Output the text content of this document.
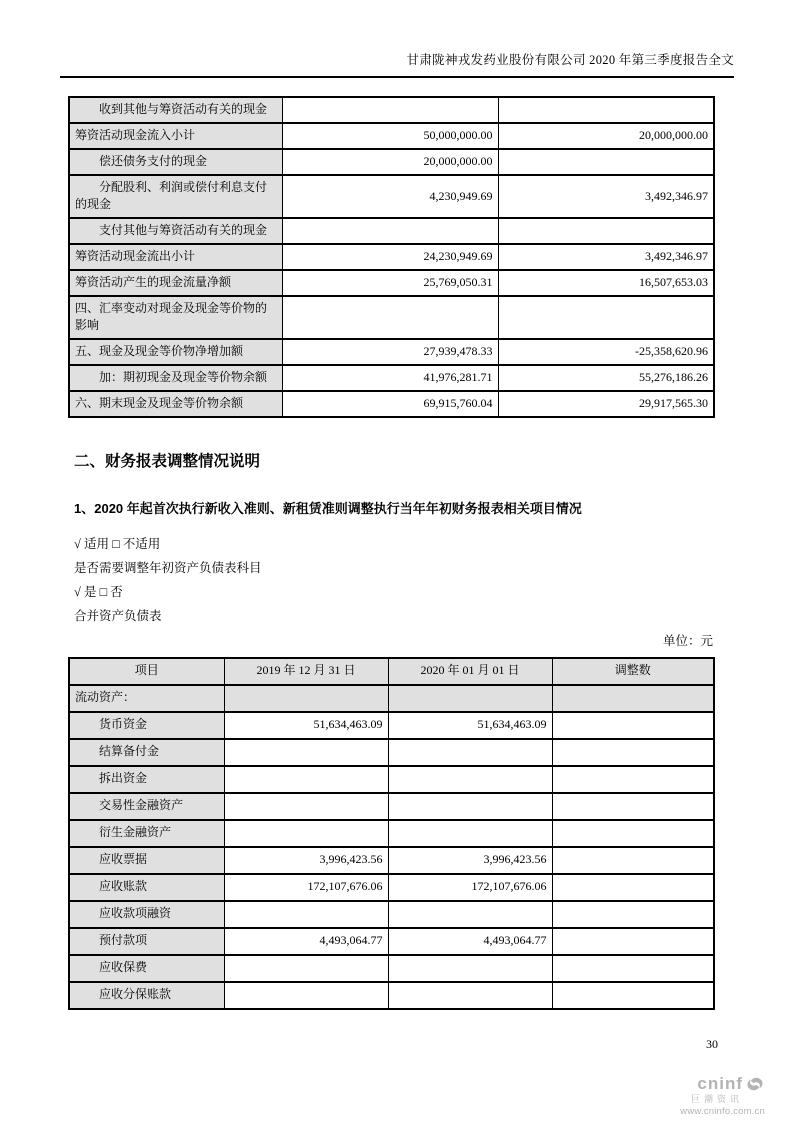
甘肃陇神戎发药业股份有限公司 2020 年第三季度报告全文
收到其他与筹资活动有关的现金		
筹资活动现金流入小计	50,000,000.00	20,000,000.00
偿还债务支付的现金	20,000,000.00	
分配股利、利润或偿付利息支付的现金	4,230,949.69	3,492,346.97
支付其他与筹资活动有关的现金		
筹资活动现金流出小计	24,230,949.69	3,492,346.97
筹资活动产生的现金流量净额	25,769,050.31	16,507,653.03
四、汇率变动对现金及现金等价物的影响		
五、现金及现金等价物净增加额	27,939,478.33	-25,358,620.96
加：期初现金及现金等价物余额	41,976,281.71	55,276,186.26
六、期末现金及现金等价物余额	69,915,760.04	29,917,565.30
二、财务报表调整情况说明
1、2020 年起首次执行新收入准则、新租赁准则调整执行当年年初财务报表相关项目情况

√ 适用 □ 不适用

是否需要调整年初资产负债表科目

√ 是 □ 否

合并资产负债表

单位：元
项目	2019 年 12 月 31 日	2020 年 01 月 01 日	调整数
流动资产：			
货币资金	51,634,463.09	51,634,463.09	
结算备付金			
拆出资金			
交易性金融资产			
衍生金融资产			
应收票据	3,996,423.56	3,996,423.56	
应收账款	172,107,676.06	172,107,676.06	
应收款项融资			
预付款项	4,493,064.77	4,493,064.77	
应收保费			
应收分保账款			
30
cninf
巨潮资讯
www.cninfo.com.cn
